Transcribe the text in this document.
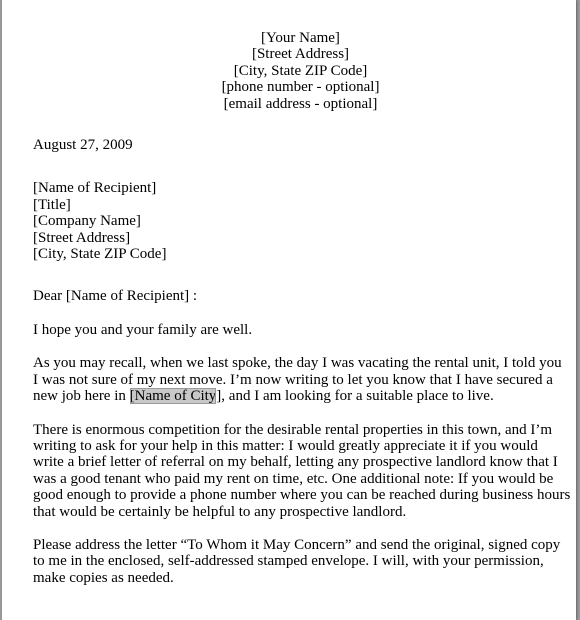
[Your Name]
[Street Address]
[City, State ZIP Code]
[phone number - optional]
[email address - optional]
August 27, 2009
[Name of Recipient]
[Title]
[Company Name]
[Street Address]
[City, State ZIP Code]
Dear [Name of Recipient] :
I hope you and your family are well.
As you may recall, when we last spoke, the day I was vacating the rental unit, I told you
I was not sure of my next move. I’m now writing to let you know that I have secured a
new job here in [Name of City], and I am looking for a suitable place to live.
There is enormous competition for the desirable rental properties in this town, and I’m
writing to ask for your help in this matter: I would greatly appreciate it if you would
write a brief letter of referral on my behalf, letting any prospective landlord know that I
was a good tenant who paid my rent on time, etc. One additional note: If you would be
good enough to provide a phone number where you can be reached during business hours
that would be certainly be helpful to any prospective landlord.
Please address the letter “To Whom it May Concern” and send the original, signed copy
to me in the enclosed, self-addressed stamped envelope. I will, with your permission,
make copies as needed.
